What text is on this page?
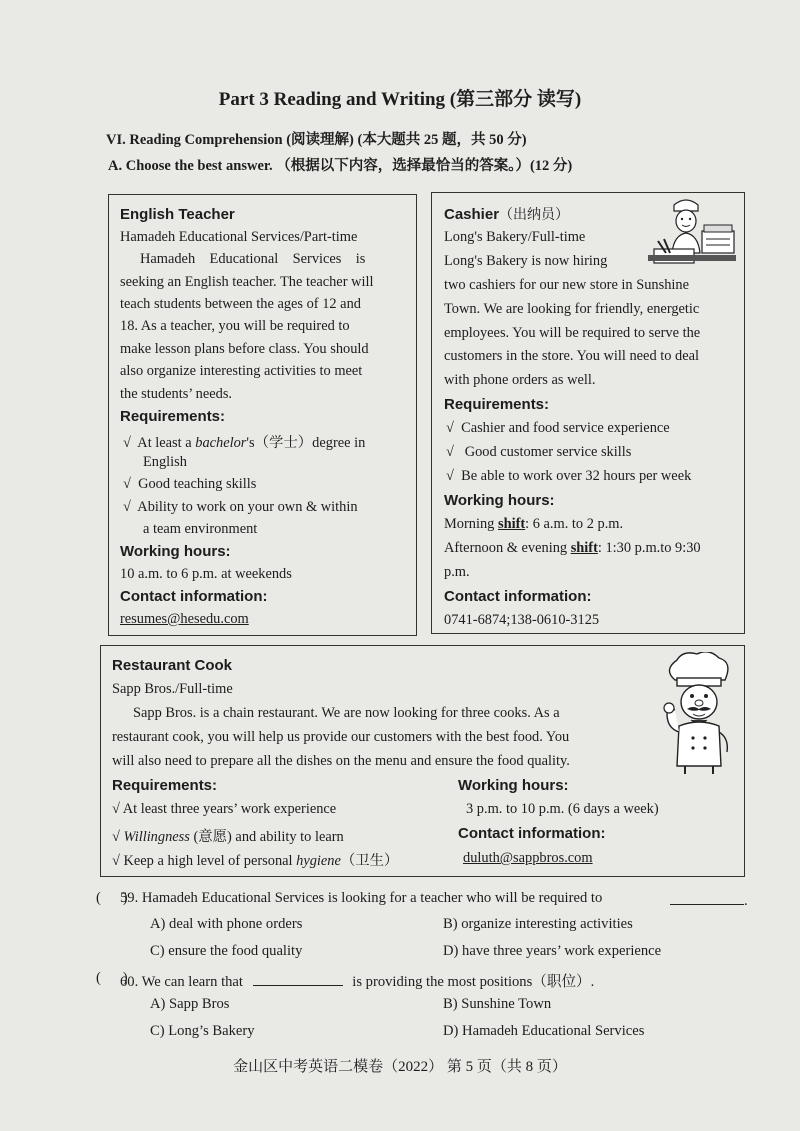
Part 3 Reading and Writing (第三部分 读写)
VI. Reading Comprehension (阅读理解) (本大题共 25 题，共 50 分)
A. Choose the best answer. （根据以下内容，选择最恰当的答案。）(12 分)
English Teacher
Hamadeh Educational Services/Part-time
Hamadeh    Educational    Services    is
seeking an English teacher. The teacher will
teach students between the ages of 12 and
18. As a teacher, you will be required to
make lesson plans before class. You should
also organize interesting activities to meet
the students’ needs.
Requirements:
√  At least a bachelor's（学士）degree in
English
√  Good teaching skills
√  Ability to work on your own & within
a team environment
Working hours:
10 a.m. to 6 p.m. at weekends
Contact information:
resumes@hesedu.com
Cashier（出纳员）
Long's Bakery/Full-time
Long's Bakery is now hiring
two cashiers for our new store in Sunshine
Town. We are looking for friendly, energetic
employees. You will be required to serve the
customers in the store. You will need to deal
with phone orders as well.
Requirements:
√  Cashier and food service experience
√   Good customer service skills
√  Be able to work over 32 hours per week
Working hours:
Morning shift: 6 a.m. to 2 p.m.
Afternoon & evening shift: 1:30 p.m.to 9:30
p.m.
Contact information:
0741-6874;138-0610-3125
Restaurant Cook
Sapp Bros./Full-time
Sapp Bros. is a chain restaurant. We are now looking for three cooks. As a
restaurant cook, you will help us provide our customers with the best food. You
will also need to prepare all the dishes on the menu and ensure the food quality.
Requirements:
√ At least three years’ work experience
√ Willingness (意愿) and ability to learn
√ Keep a high level of personal hygiene（卫生）
Working hours:
3 p.m. to 10 p.m. (6 days a week)
Contact information:
duluth@sappbros.com
(      )
59. Hamadeh Educational Services is looking for a teacher who will be required to	.
A) deal with phone orders	B) organize interesting activities
C) ensure the food quality	D) have three years’ work experience
(      )
60. We can learn that	is providing the most positions（职位）.
A) Sapp Bros	B) Sunshine Town
C) Long’s Bakery	D) Hamadeh Educational Services
金山区中考英语二模卷（2022） 第 5 页（共 8 页）
